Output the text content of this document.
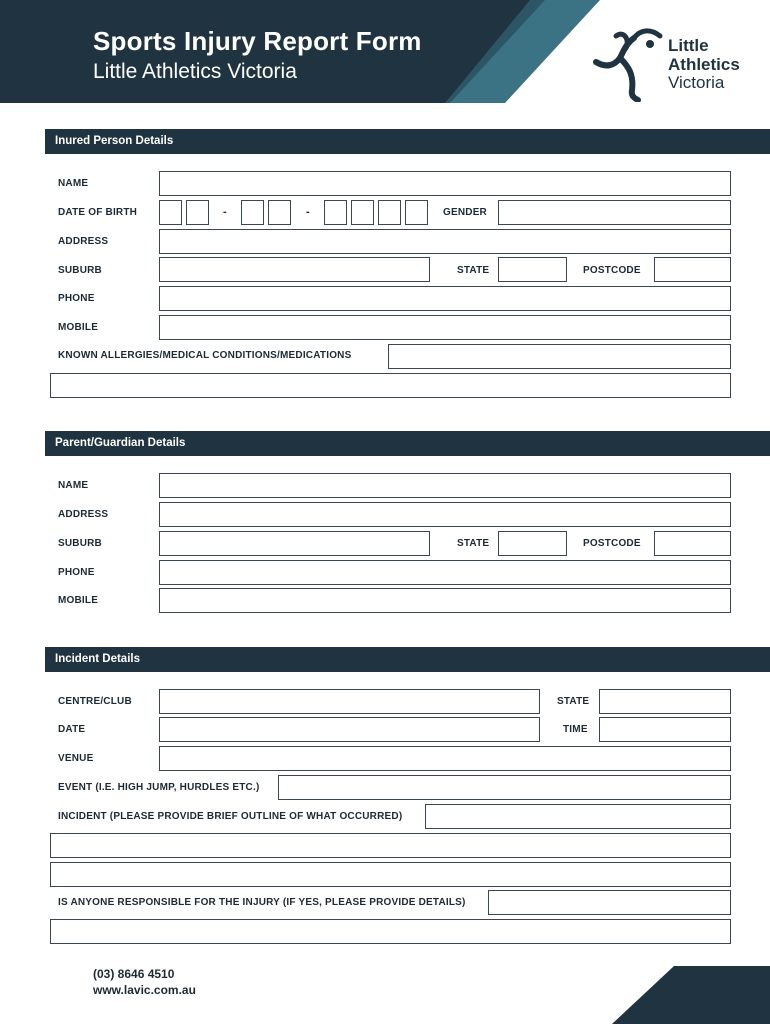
Sports Injury Report Form
Little Athletics Victoria
Little
Athletics
Victoria
Inured Person Details
NAME
DATE OF BIRTH	-	-	GENDER
ADDRESS
SUBURB	STATE	POSTCODE
PHONE
MOBILE
KNOWN ALLERGIES/MEDICAL CONDITIONS/MEDICATIONS
Parent/Guardian Details
NAME
ADDRESS
SUBURB	STATE	POSTCODE
PHONE
MOBILE
Incident Details
CENTRE/CLUB	STATE
DATE	TIME
VENUE
EVENT (I.E. HIGH JUMP, HURDLES ETC.)
INCIDENT (PLEASE PROVIDE BRIEF OUTLINE OF WHAT OCCURRED)
IS ANYONE RESPONSIBLE FOR THE INJURY (IF YES, PLEASE PROVIDE DETAILS)
(03) 8646 4510
www.lavic.com.au
